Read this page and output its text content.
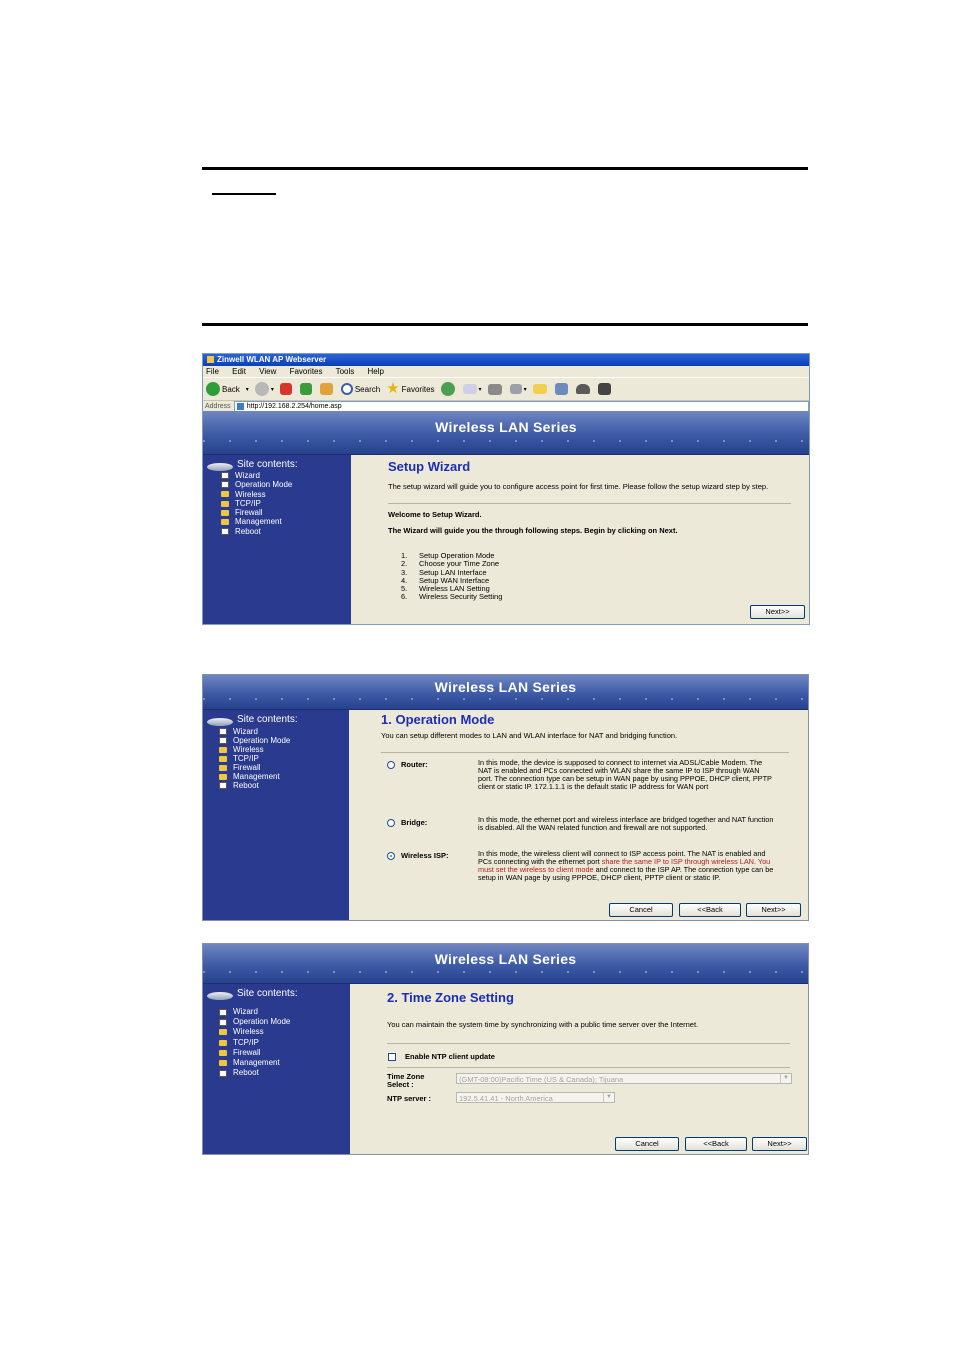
Zinwell WLAN AP Webserver
File Edit View Favorites Tools Help
Back ▾	▾	Search ★ Favorites	▾	▾
Address http://192.168.2.254/home.asp
Wireless LAN Series
Site contents:
Wizard
Operation Mode
Wireless
TCP/IP
Firewall
Management
Reboot
Setup Wizard

The setup wizard will guide you to configure access point for first time. Please follow the setup wizard step by step.

Welcome to Setup Wizard.

The Wizard will guide you the through following steps. Begin by clicking on Next.

1. Setup Operation Mode
2. Choose your Time Zone
3. Setup LAN Interface
4. Setup WAN Interface
5. Wireless LAN Setting
6. Wireless Security Setting
Next>>
Wireless LAN Series
Site contents:
Wizard
Operation Mode
Wireless
TCP/IP
Firewall
Management
Reboot
1. Operation Mode

You can setup different modes to LAN and WLAN interface for NAT and bridging function.

Router:	In this mode, the device is supposed to connect to internet via ADSL/Cable Modem. The NAT is enabled and PCs connected with WLAN share the same IP to ISP through WAN port. The connection type can be setup in WAN page by using PPPOE, DHCP client, PPTP client or static IP. 172.1.1.1 is the default static IP address for WAN port
Bridge:	In this mode, the ethernet port and wireless interface are bridged together and NAT function is disabled. All the WAN related function and firewall are not supported.
Wireless ISP:	In this mode, the wireless client will connect to ISP access point. The NAT is enabled and PCs connecting with the ethernet port share the same IP to ISP through wireless LAN. You must set the wireless to client mode and connect to the ISP AP. The connection type can be setup in WAN page by using PPPOE, DHCP client, PPTP client or static IP.
Cancel	<<Back	Next>>
Wireless LAN Series
Site contents:
Wizard
Operation Mode
Wireless
TCP/IP
Firewall
Management
Reboot
2. Time Zone Setting

You can maintain the system time by synchronizing with a public time server over the Internet.

Enable NTP client update
Time Zone
Select :
(GMT-08:00)Pacific Time (US & Canada); Tijuana	▼
NTP server :	192.5.41.41 - North America	▼
Cancel	<<Back	Next>>
